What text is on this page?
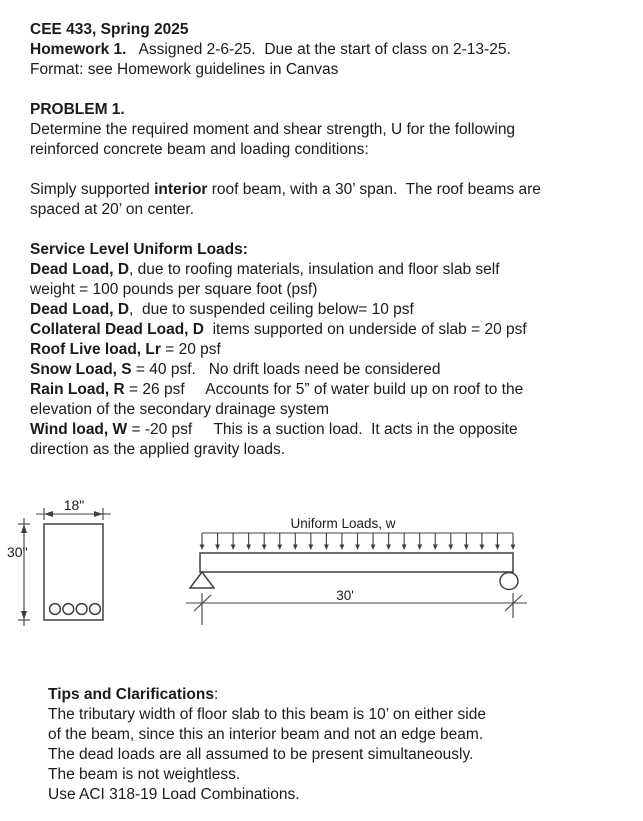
CEE 433, Spring 2025
Homework 1.   Assigned 2-6-25.  Due at the start of class on 2-13-25.
Format: see Homework guidelines in Canvas
PROBLEM 1.
Determine the required moment and shear strength, U for the following
reinforced concrete beam and loading conditions:
Simply supported interior roof beam, with a 30’ span.  The roof beams are
spaced at 20’ on center.
Service Level Uniform Loads:
Dead Load, D, due to roofing materials, insulation and floor slab self
weight = 100 pounds per square foot (psf)
Dead Load, D,  due to suspended ceiling below= 10 psf
Collateral Dead Load, D  items supported on underside of slab = 20 psf
Roof Live load, Lr = 20 psf
Snow Load, S = 40 psf.   No drift loads need be considered
Rain Load, R = 26 psf     Accounts for 5” of water build up on roof to the
elevation of the secondary drainage system
Wind load, W = -20 psf     This is a suction load.  It acts in the opposite
direction as the applied gravity loads.
18"
30"
Uniform Loads, w
30'
Tips and Clarifications:
The tributary width of floor slab to this beam is 10’ on either side
of the beam, since this an interior beam and not an edge beam.
The dead loads are all assumed to be present simultaneously.
The beam is not weightless.
Use ACI 318-19 Load Combinations.
